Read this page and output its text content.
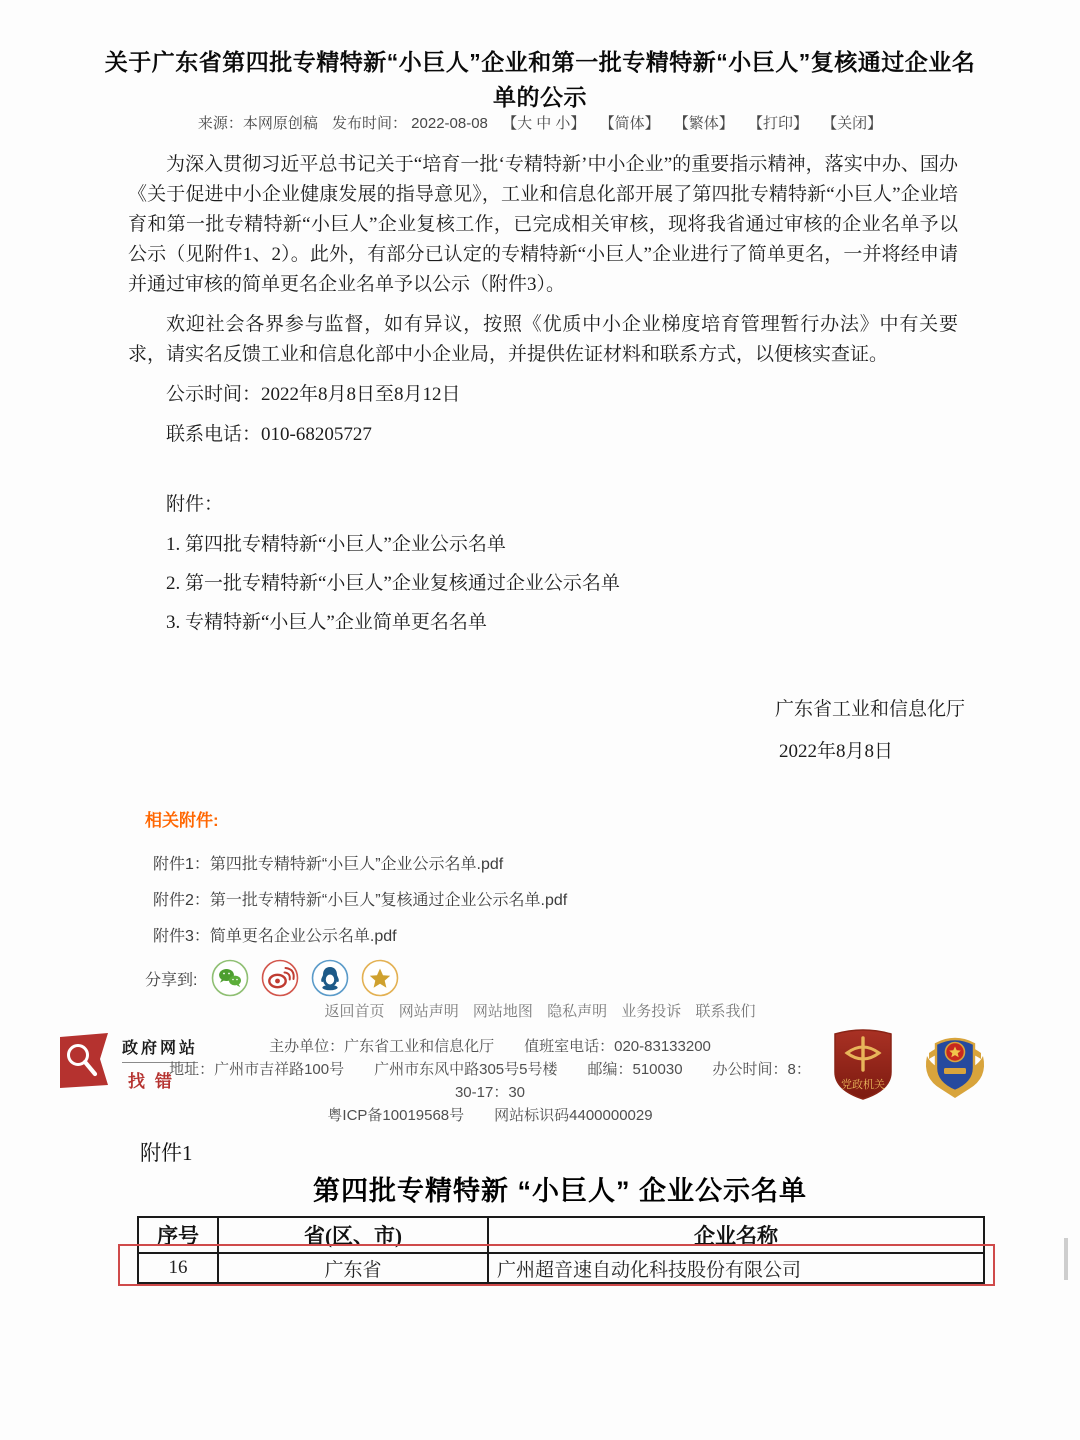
关于广东省第四批专精特新“小巨人”企业和第一批专精特新“小巨人”复核通过企业名单的公示
来源：本网原创稿 发布时间： 2022-08-08 【大 中 小】 【简体】 【繁体】 【打印】 【关闭】

为深入贯彻习近平总书记关于“培育一批‘专精特新’中小企业”的重要指示精神，落实中办、国办《关于促进中小企业健康发展的指导意见》，工业和信息化部开展了第四批专精特新“小巨人”企业培育和第一批专精特新“小巨人”企业复核工作，已完成相关审核，现将我省通过审核的企业名单予以公示（见附件1、2）。此外，有部分已认定的专精特新“小巨人”企业进行了简单更名，一并将经申请并通过审核的简单更名企业名单予以公示（附件3）。

欢迎社会各界参与监督，如有异议，按照《优质中小企业梯度培育管理暂行办法》中有关要求，请实名反馈工业和信息化部中小企业局，并提供佐证材料和联系方式，以便核实查证。

公示时间：2022年8月8日至8月12日

联系电话：010-68205727

附件：

1. 第四批专精特新“小巨人”企业公示名单

2. 第一批专精特新“小巨人”企业复核通过企业公示名单

3. 专精特新“小巨人”企业简单更名名单

广东省工业和信息化厅
2022年8月8日
相关附件:
附件1：第四批专精特新“小巨人”企业公示名单.pdf
附件2：第一批专精特新“小巨人”复核通过企业公示名单.pdf
附件3：简单更名企业公示名单.pdf
分享到:
返回首页 网站声明 网站地图 隐私声明 业务投诉 联系我们
政府网站
找错
主办单位：广东省工业和信息化厅　　值班室电话：020-83133200
地址：广州市吉祥路100号　　广州市东风中路305号5号楼　　邮编：510030　　办公时间：8：30-17：30
粤ICP备10019568号　　网站标识码4400000029
党政机关
附件1
第四批专精特新 “小巨人” 企业公示名单
序号	省(区、市)	企业名称
16	广东省	广州超音速自动化科技股份有限公司
